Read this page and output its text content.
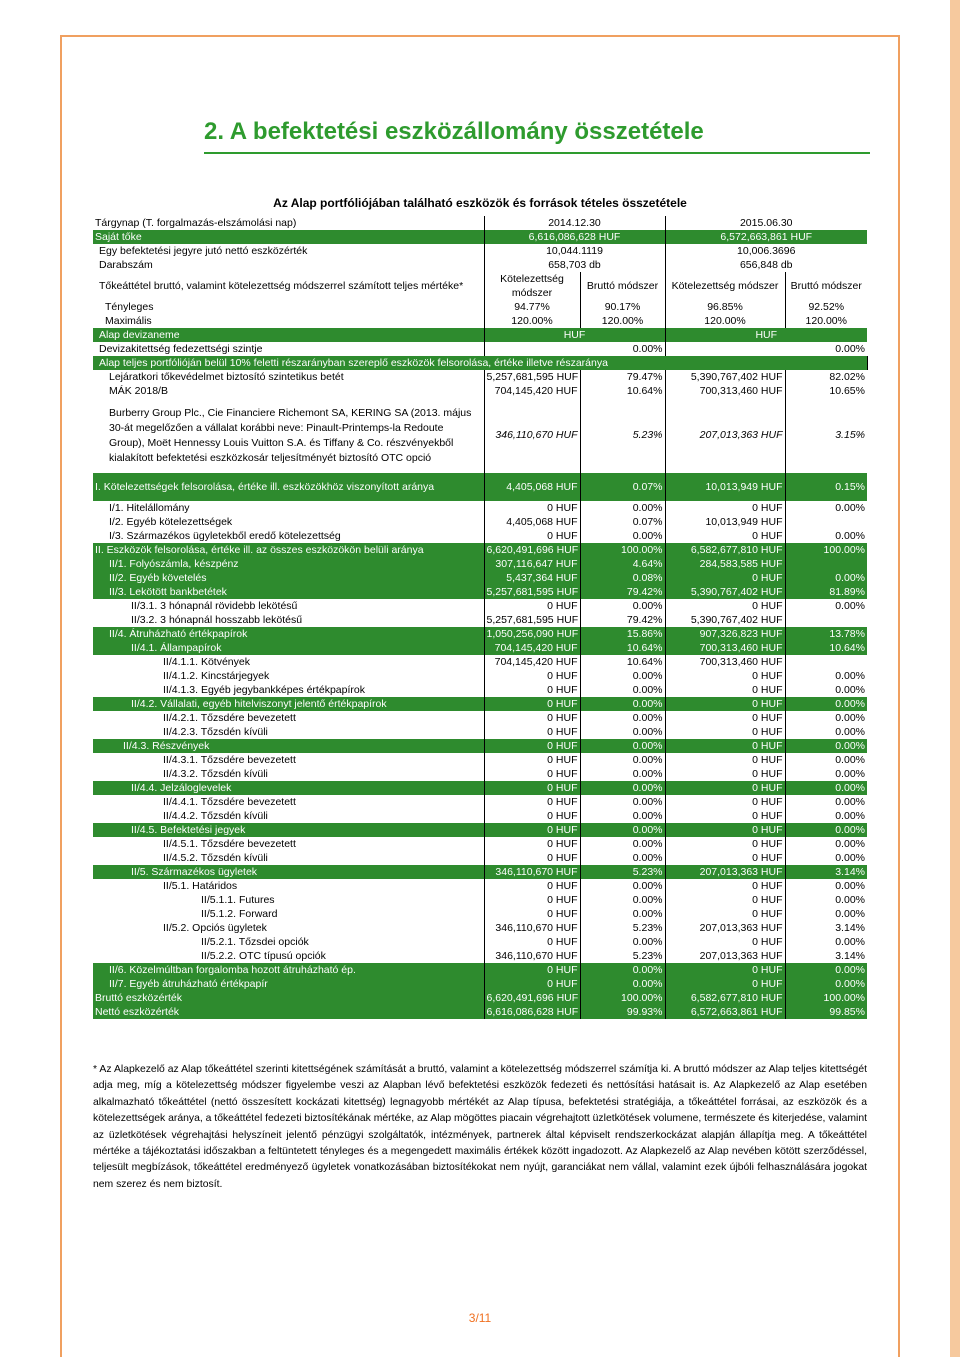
2. A befektetési eszközállomány összetétele
Az Alap portfóliójában található eszközök és források tételes összetétele
Tárgynap (T. forgalmazás-elszámolási nap)	2014.12.30		2015.06.30	
Saját tőke	6,616,086,628 HUF		6,572,663,861 HUF	
Egy befektetési jegyre jutó nettó eszközérték	10,044.1119		10,006.3696	
Darabszám	658,703 db		656,848 db	
Tőkeáttétel bruttó, valamint kötelezettség módszerrel számított teljes mértéke*	Kötelezettség módszer	Bruttó módszer	Kötelezettség módszer	Bruttó módszer
Tényleges	94.77%	90.17%	96.85%	92.52%
Maximális	120.00%	120.00%	120.00%	120.00%
Alap devizaneme	HUF		HUF	
Devizakitettség fedezettségi szintje	0.00%		0.00%	
Alap teljes portfólióján belül 10% feletti részarányban szereplő eszközök felsorolása, értéke illetve részaránya				
Lejáratkori tőkevédelmet biztosító szintetikus betét	5,257,681,595 HUF	79.47%	5,390,767,402 HUF	82.02%
MÁK 2018/B	704,145,420 HUF	10.64%	700,313,460 HUF	10.65%
Burberry Group Plc., Cie Financiere Richemont SA, KERING SA (2013. május 30-át megelőzően a vállalat korábbi neve: Pinault-Printemps-la Redoute Group), Moët Hennessy Louis Vuitton S.A. és Tiffany & Co. részvényekből kialakított befektetési eszközkosár teljesítményét biztosító OTC opció	346,110,670 HUF	5.23%	207,013,363 HUF	3.15%
I. Kötelezettségek felsorolása, értéke ill. eszközökhöz viszonyított aránya	4,405,068 HUF	0.07%	10,013,949 HUF	0.15%
I/1. Hitelállomány	0 HUF	0.00%	0 HUF	0.00%
I/2. Egyéb kötelezettségek	4,405,068 HUF	0.07%	10,013,949 HUF	
I/3. Származékos ügyletekből eredő kötelezettség	0 HUF	0.00%	0 HUF	0.00%
II. Eszközök felsorolása, értéke ill. az összes eszközökön belüli aránya	6,620,491,696 HUF	100.00%	6,582,677,810 HUF	100.00%
II/1. Folyószámla, készpénz	307,116,647 HUF	4.64%	284,583,585 HUF	
II/2. Egyéb követelés	5,437,364 HUF	0.08%	0 HUF	0.00%
II/3. Lekötött bankbetétek	5,257,681,595 HUF	79.42%	5,390,767,402 HUF	81.89%
II/3.1. 3 hónapnál rövidebb lekötésű	0 HUF	0.00%	0 HUF	0.00%
II/3.2. 3 hónapnál hosszabb lekötésű	5,257,681,595 HUF	79.42%	5,390,767,402 HUF	
II/4. Átruházható értékpapírok	1,050,256,090 HUF	15.86%	907,326,823 HUF	13.78%
II/4.1. Állampapírok	704,145,420 HUF	10.64%	700,313,460 HUF	10.64%
II/4.1.1. Kötvények	704,145,420 HUF	10.64%	700,313,460 HUF	
II/4.1.2. Kincstárjegyek	0 HUF	0.00%	0 HUF	0.00%
II/4.1.3. Egyéb jegybankképes értékpapírok	0 HUF	0.00%	0 HUF	0.00%
II/4.2. Vállalati, egyéb hitelviszonyt jelentő értékpapírok	0 HUF	0.00%	0 HUF	0.00%
II/4.2.1. Tőzsdére bevezetett	0 HUF	0.00%	0 HUF	0.00%
II/4.2.3. Tőzsdén kívüli	0 HUF	0.00%	0 HUF	0.00%
II/4.3. Részvények	0 HUF	0.00%	0 HUF	0.00%
II/4.3.1. Tőzsdére bevezetett	0 HUF	0.00%	0 HUF	0.00%
II/4.3.2. Tőzsdén kívüli	0 HUF	0.00%	0 HUF	0.00%
II/4.4. Jelzáloglevelek	0 HUF	0.00%	0 HUF	0.00%
II/4.4.1. Tőzsdére bevezetett	0 HUF	0.00%	0 HUF	0.00%
II/4.4.2. Tőzsdén kívüli	0 HUF	0.00%	0 HUF	0.00%
II/4.5. Befektetési jegyek	0 HUF	0.00%	0 HUF	0.00%
II/4.5.1. Tőzsdére bevezetett	0 HUF	0.00%	0 HUF	0.00%
II/4.5.2. Tőzsdén kívüli	0 HUF	0.00%	0 HUF	0.00%
II/5. Származékos ügyletek	346,110,670 HUF	5.23%	207,013,363 HUF	3.14%
II/5.1. Határidos	0 HUF	0.00%	0 HUF	0.00%
II/5.1.1. Futures	0 HUF	0.00%	0 HUF	0.00%
II/5.1.2. Forward	0 HUF	0.00%	0 HUF	0.00%
II/5.2. Opciós ügyletek	346,110,670 HUF	5.23%	207,013,363 HUF	3.14%
II/5.2.1. Tőzsdei opciók	0 HUF	0.00%	0 HUF	0.00%
II/5.2.2. OTC típusú opciók	346,110,670 HUF	5.23%	207,013,363 HUF	3.14%
II/6. Közelmúltban forgalomba hozott átruházható ép.	0 HUF	0.00%	0 HUF	0.00%
II/7. Egyéb átruházható értékpapír	0 HUF	0.00%	0 HUF	0.00%
Bruttó eszközérték	6,620,491,696 HUF	100.00%	6,582,677,810 HUF	100.00%
Nettó eszközérték	6,616,086,628 HUF	99.93%	6,572,663,861 HUF	99.85%

* Az Alapkezelő az Alap tőkeáttétel szerinti kitettségének számítását a bruttó, valamint a kötelezettség módszerrel számítja ki. A bruttó módszer az Alap teljes kitettségét adja meg, míg a kötelezettség módszer figyelembe veszi az Alapban lévő befektetési eszközök fedezeti és nettósítási hatásait is. Az Alapkezelő az Alap esetében alkalmazható tőkeáttétel (nettó összesített kockázati kitettség) legnagyobb mértékét az Alap típusa, befektetési stratégiája, a tőkeáttétel forrásai, az eszközök és a kötelezettségek aránya, a tőkeáttétel fedezeti biztosítékának mértéke, az Alap mögöttes piacain végrehajtott üzletkötések volumene, természete és kiterjedése, valamint az üzletkötések végrehajtási helyszíneit jelentő pénzügyi szolgáltatók, intézmények, partnerek által képviselt rendszerkockázat alapján állapítja meg. A tőkeáttétel mértéke a tájékoztatási időszakban a feltüntetett tényleges és a megengedett maximális értékek között ingadozott. Az Alapkezelő az Alap nevében kötött szerződéssel, teljesült megbízások, tőkeáttétel eredményező ügyletek vonatkozásában biztosítékokat nem nyújt, garanciákat nem vállal, valamint ezek újbóli felhasználására jogokat nem szerez és nem biztosít.

3/11
